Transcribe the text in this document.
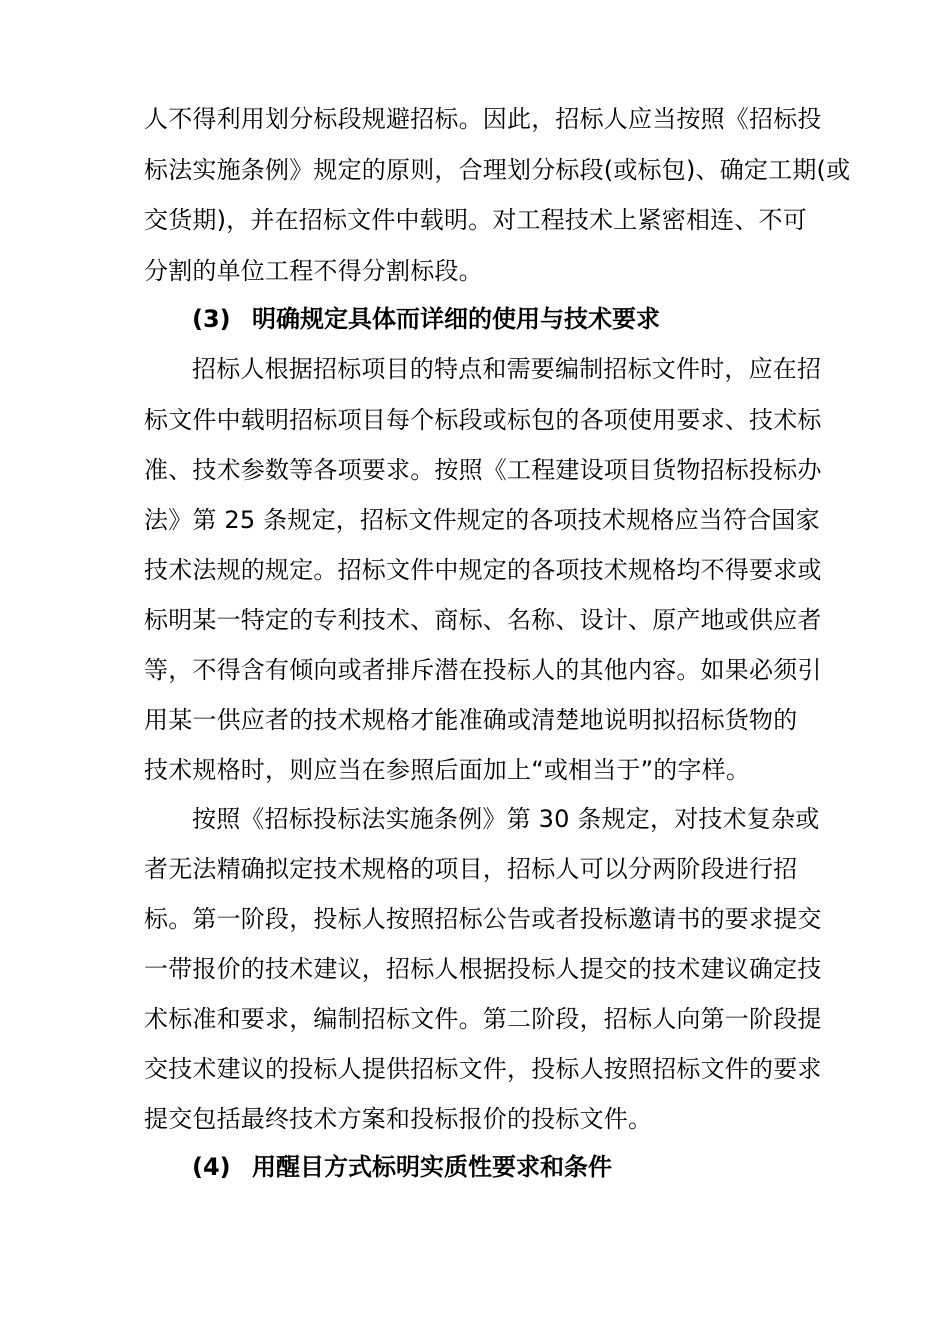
人不得利用划分标段规避招标。因此，招标人应当按照《招标投
标法实施条例》规定的原则，合理划分标段(或标包)、确定工期(或
交货期)，并在招标文件中载明。对工程技术上紧密相连、不可
分割的单位工程不得分割标段。
(3) 明确规定具体而详细的使用与技术要求
招标人根据招标项目的特点和需要编制招标文件时，应在招
标文件中载明招标项目每个标段或标包的各项使用要求、技术标
准、技术参数等各项要求。按照《工程建设项目货物招标投标办
法》第 25 条规定，招标文件规定的各项技术规格应当符合国家
技术法规的规定。招标文件中规定的各项技术规格均不得要求或
标明某一特定的专利技术、商标、名称、设计、原产地或供应者
等，不得含有倾向或者排斥潜在投标人的其他内容。如果必须引
用某一供应者的技术规格才能准确或清楚地说明拟招标货物的
技术规格时，则应当在参照后面加上“或相当于”的字样。
按照《招标投标法实施条例》第 30 条规定，对技术复杂或
者无法精确拟定技术规格的项目，招标人可以分两阶段进行招
标。第一阶段，投标人按照招标公告或者投标邀请书的要求提交
一带报价的技术建议，招标人根据投标人提交的技术建议确定技
术标准和要求，编制招标文件。第二阶段，招标人向第一阶段提
交技术建议的投标人提供招标文件，投标人按照招标文件的要求
提交包括最终技术方案和投标报价的投标文件。
(4) 用醒目方式标明实质性要求和条件
